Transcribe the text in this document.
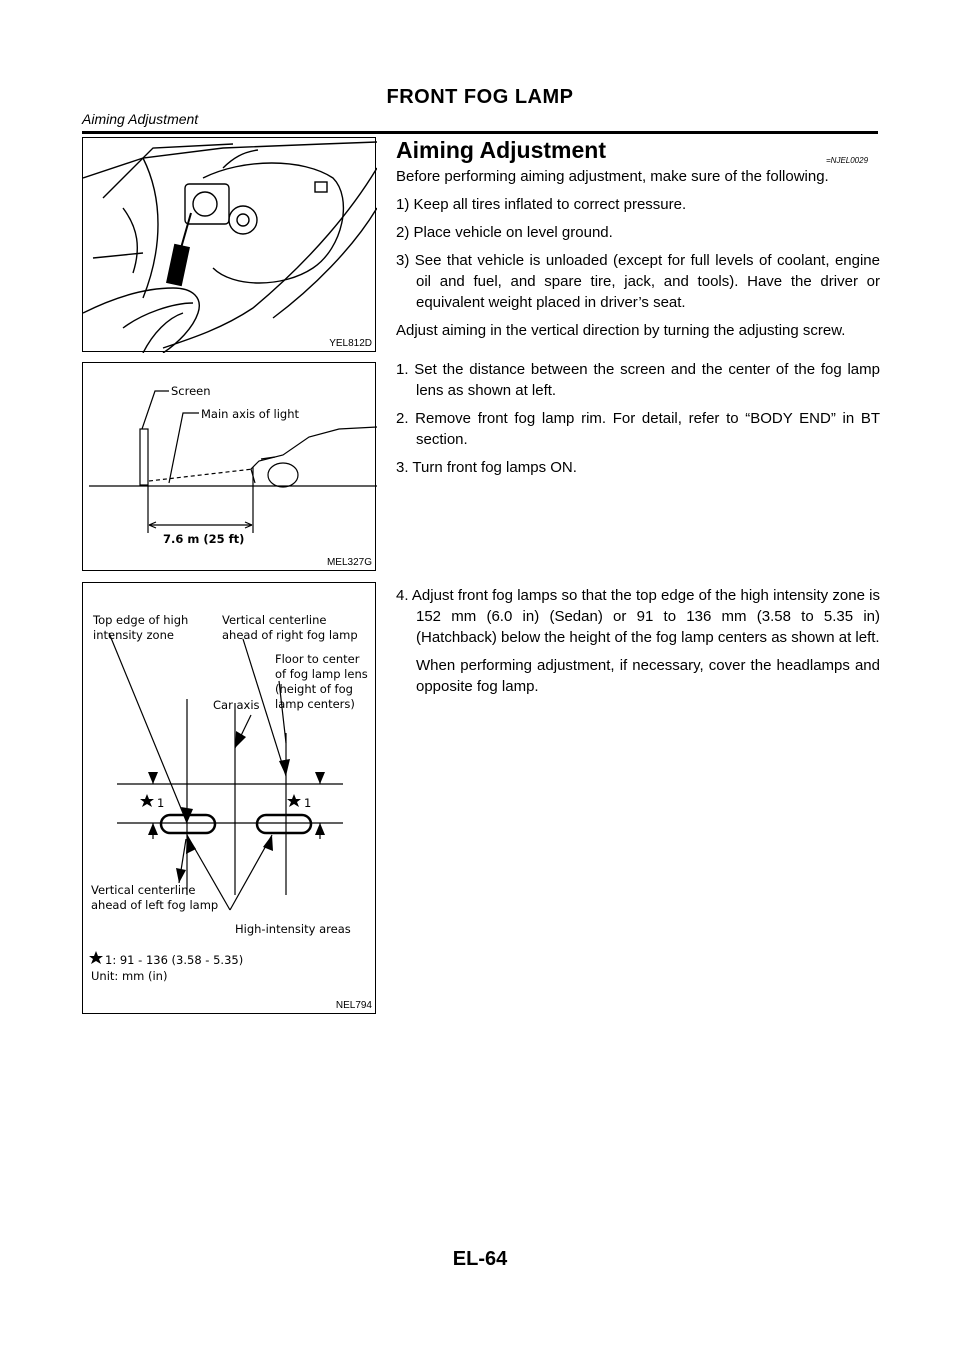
FRONT FOG LAMP
Aiming Adjustment
YEL812D
Screen
Main axis of light
7.6 m (25 ft)
MEL327G
Top edge of high
intensity zone
Vertical centerline
ahead of right fog lamp
Floor to center
of fog lamp lens
(height of fog
lamp centers)
Car axis
1	1
Vertical centerline
ahead of left fog lamp
High-intensity areas
1: 91 - 136 (3.58 - 5.35)
Unit: mm (in)
NEL794
Aiming Adjustment	=NJEL0029

Before performing aiming adjustment, make sure of the following.

1) Keep all tires inflated to correct pressure.

2) Place vehicle on level ground.

3) See that vehicle is unloaded (except for full levels of coolant, engine oil and fuel, and spare tire, jack, and tools). Have the driver or equivalent weight placed in driver’s seat.

Adjust aiming in the vertical direction by turning the adjusting screw.

1. Set the distance between the screen and the center of the fog lamp lens as shown at left.

2. Remove front fog lamp rim. For detail, refer to “BODY END” in BT section.

3. Turn front fog lamps ON.

4. Adjust front fog lamps so that the top edge of the high intensity zone is 152 mm (6.0 in) (Sedan) or 91 to 136 mm (3.58 to 5.35 in) (Hatchback) below the height of the fog lamp centers as shown at left.

When performing adjustment, if necessary, cover the headlamps and opposite fog lamp.

EL-64
